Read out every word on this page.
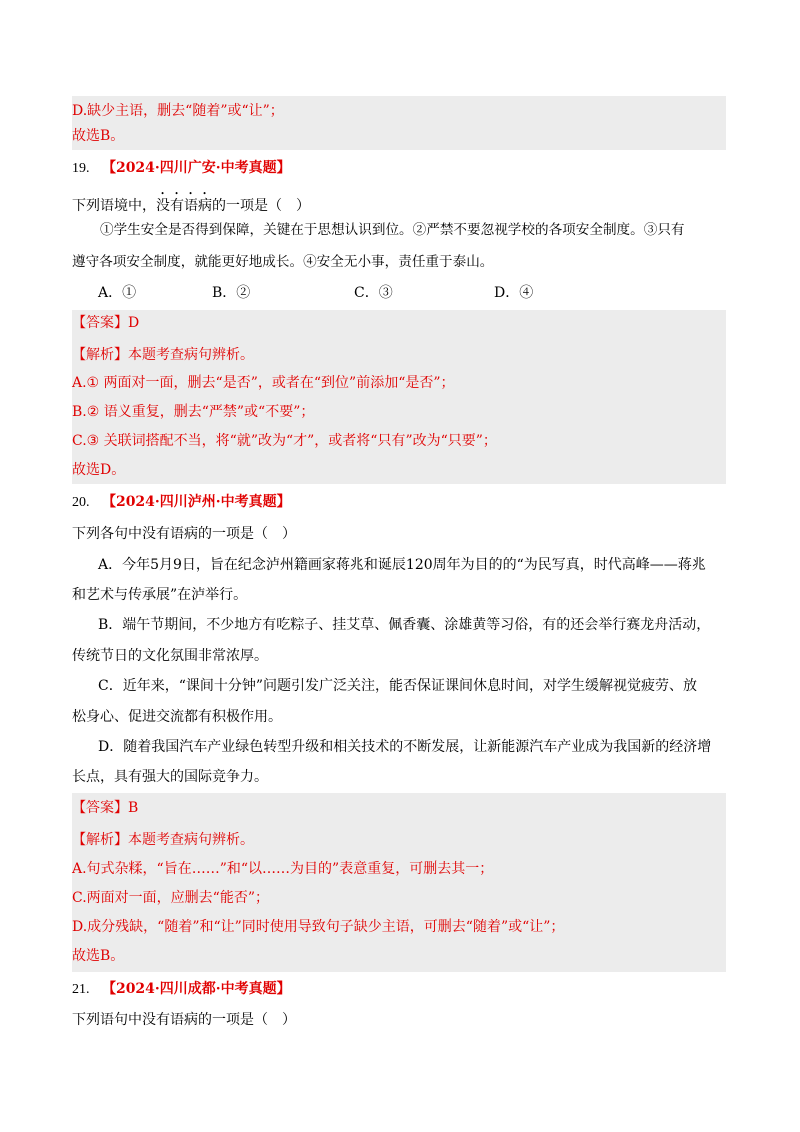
D.缺少主语，删去“随着”或“让”；
故选B。
19. 【2024·四川广安·中考真题】
下列语境中，没有语病的一项是（　）
①学生安全是否得到保障，关键在于思想认识到位。②严禁不要忽视学校的各项安全制度。③只有
遵守各项安全制度，就能更好地成长。④安全无小事，责任重于泰山。
A．①	B．②	C．③	D．④
【答案】D
【解析】本题考查病句辨析。
A.① 两面对一面，删去“是否”，或者在“到位”前添加“是否”；
B.② 语义重复，删去“严禁”或“不要”；
C.③ 关联词搭配不当，将“就”改为“才”，或者将“只有”改为“只要”；
故选D。
20. 【2024·四川泸州·中考真题】
下列各句中没有语病的一项是（　）
A．今年5月9日，旨在纪念泸州籍画家蒋兆和诞辰120周年为目的的“为民写真，时代高峰——蒋兆
和艺术与传承展”在泸举行。
B．端午节期间，不少地方有吃粽子、挂艾草、佩香囊、涂雄黄等习俗，有的还会举行赛龙舟活动，
传统节日的文化氛围非常浓厚。
C．近年来，“课间十分钟”问题引发广泛关注，能否保证课间休息时间，对学生缓解视觉疲劳、放
松身心、促进交流都有积极作用。
D．随着我国汽车产业绿色转型升级和相关技术的不断发展，让新能源汽车产业成为我国新的经济增
长点，具有强大的国际竞争力。
【答案】B
【解析】本题考查病句辨析。
A.句式杂糅，“旨在……”和“以……为目的”表意重复，可删去其一；
C.两面对一面，应删去“能否”；
D.成分残缺，“随着”和“让”同时使用导致句子缺少主语，可删去“随着”或“让”；
故选B。
21. 【2024·四川成都·中考真题】
下列语句中没有语病的一项是（　）
